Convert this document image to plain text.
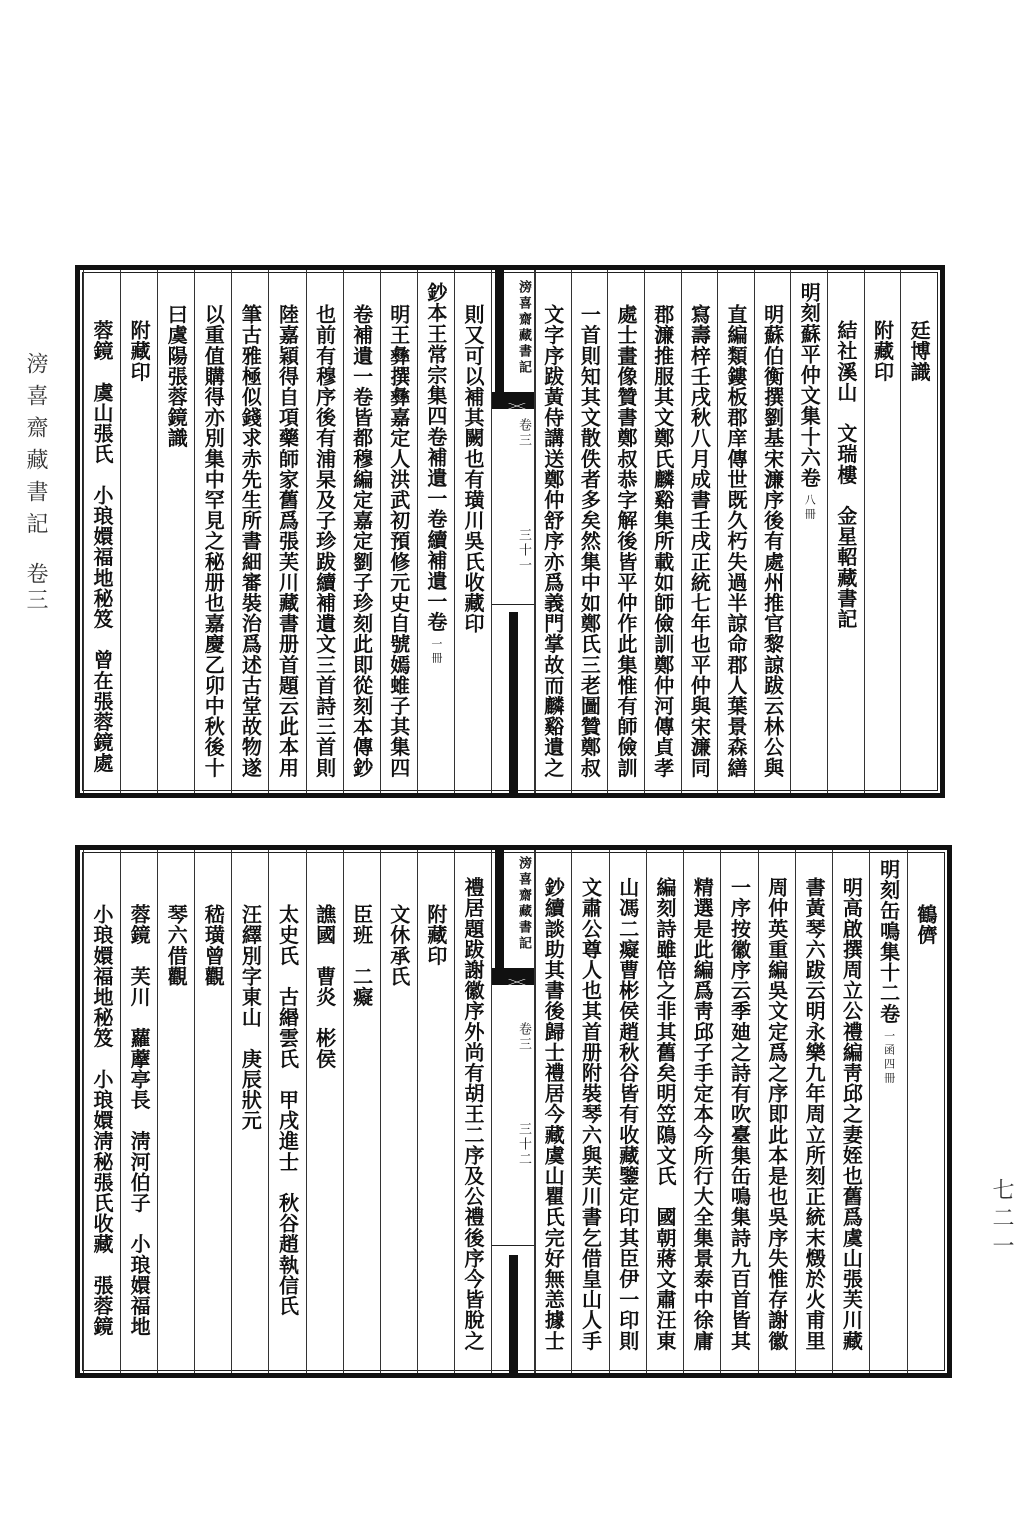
滂喜齋藏書記
卷三
七二一
則又可以補其闕也有璜川吳氏收藏印
鈔本王常宗集四卷補遺一卷續補遺一卷一冊
明王彝撰彝嘉定人洪武初預修元史自號嫣蜼子其集四
卷補遺一卷皆都穆編定嘉定劉子珍刻此即從刻本傳鈔
也前有穆序後有浦杲及子珍跋續補遺文三首詩三首則
陸嘉穎得自項藥師家舊爲張芙川藏書册首題云此本用
筆古雅極似錢求赤先生所書細審裝治爲述古堂故物遂
以重值購得亦別集中罕見之秘册也嘉慶乙卯中秋後十
曰虞陽張蓉鏡識
附藏印
蓉鏡　虞山張氏　小琅嬛福地秘笈　曾在張蓉鏡處	滂喜齋藏書記
卷三
三十一
廷博識
附藏印
結社溪山　文瑞樓　金星軺藏書記
明刻蘇平仲文集十六卷八冊
明蘇伯衡撰劉基宋濂序後有處州推官黎諒跋云林公與
直編類鏤板郡庠傳世既久朽失過半諒命郡人葉景森繕
寫壽梓壬戌秋八月成書壬戌正統七年也平仲與宋濂同
郡濂推服其文鄭氏麟谿集所載如師儉訓鄭仲河傳貞孝
處士畫像贊書鄭叔恭字解後皆平仲作此集惟有師儉訓
一首則知其文散佚者多矣然集中如鄭氏三老圖贊鄭叔
文字序跋黃侍講送鄭仲舒序亦爲義門掌故而麟谿遺之
禮居題跋謝徽序外尚有胡王二序及公禮後序今皆脫之
附藏印
文休承氏
臣班　二癡
譙國　曹炎　彬侯
太史氏　古緡雲氏　甲戌進士　秋谷趙執信氏
汪繹別字東山　庚辰狀元
嵇璜曾觀
琴六借觀
蓉鏡　芙川　蘿藦亭長　淸河伯子　小琅嬛福地
小琅嬛福地秘笈　小琅嬛淸秘張氏收藏　張蓉鏡	滂喜齋藏書記
卷三
三十二
鶴儕
明刻缶鳴集十二卷一函四冊
明高啟撰周立公禮編靑邱之妻姪也舊爲虞山張芙川藏
書黃琴六跋云明永樂九年周立所刻正統末燬於火甫里
周仲英重編吳文定爲之序即此本是也吳序失惟存謝徽
一序按徽序云季廸之詩有吹臺集缶鳴集詩九百首皆其
精選是此編爲靑邱子手定本今所行大全集景泰中徐庸
編刻詩雖倍之非其舊矣明笠隝文氏　國朝蔣文肅汪東
山馮二癡曹彬侯趙秋谷皆有收藏鑒定印其臣伊一印則
文肅公尊人也其首册附裝琴六與芙川書乞借皇山人手
鈔續談助其書後歸士禮居今藏虞山瞿氏完好無恙據士
